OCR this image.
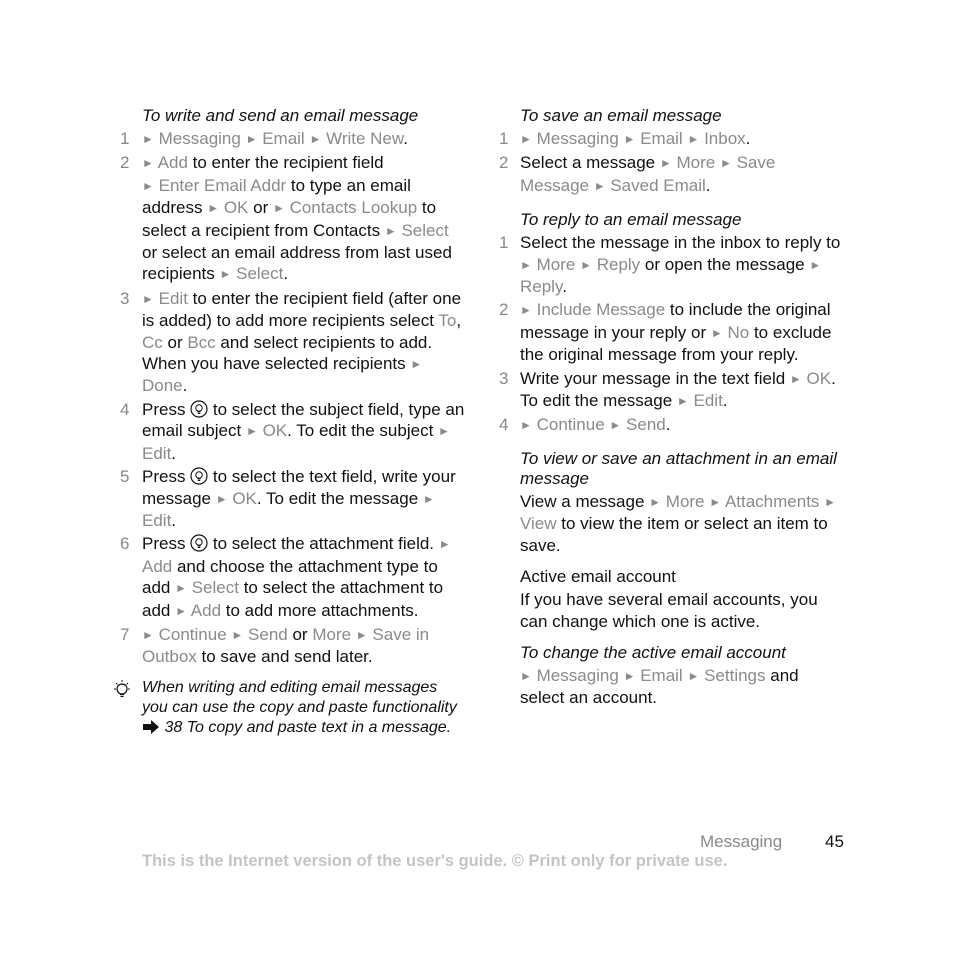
To write and send an email message
1	► Messaging ► Email ► Write New.
2	► Add to enter the recipient field
► Enter Email Addr to type an email address ► OK or ► Contacts Lookup to select a recipient from Contacts ► Select or select an email address from last used recipients ► Select.
3	► Edit to enter the recipient field (after one is added) to add more recipients select To, Cc or Bcc and select recipients to add. When you have selected recipients ► Done.
4 Press  to select the subject field, type an email subject ► OK. To edit the subject ► Edit.
5 Press  to select the text field, write your message ► OK. To edit the message ► Edit.
6 Press  to select the attachment field. ► Add and choose the attachment type to add ► Select to select the attachment to add ► Add to add more attachments.
7	► Continue ► Send or More ► Save in Outbox to save and send later.
When writing and editing email messages you can use the copy and paste functionality  38 To copy and paste text in a message.
To save an email message
1 ► Messaging ► Email ► Inbox.
2 Select a message ► More ► Save Message ► Saved Email.
To reply to an email message
1 Select the message in the inbox to reply to ► More ► Reply or open the message ► Reply.
2 ► Include Message to include the original message in your reply or ► No to exclude the original message from your reply.
3 Write your message in the text field ► OK. To edit the message ► Edit.
4 ► Continue ► Send.
To view or save an attachment in an email message
View a message ► More ► Attachments ► View to view the item or select an item to save.
Active email account
If you have several email accounts, you can change which one is active.
To change the active email account
► Messaging ► Email ► Settings and select an account.
Messaging	45
This is the Internet version of the user's guide. © Print only for private use.
